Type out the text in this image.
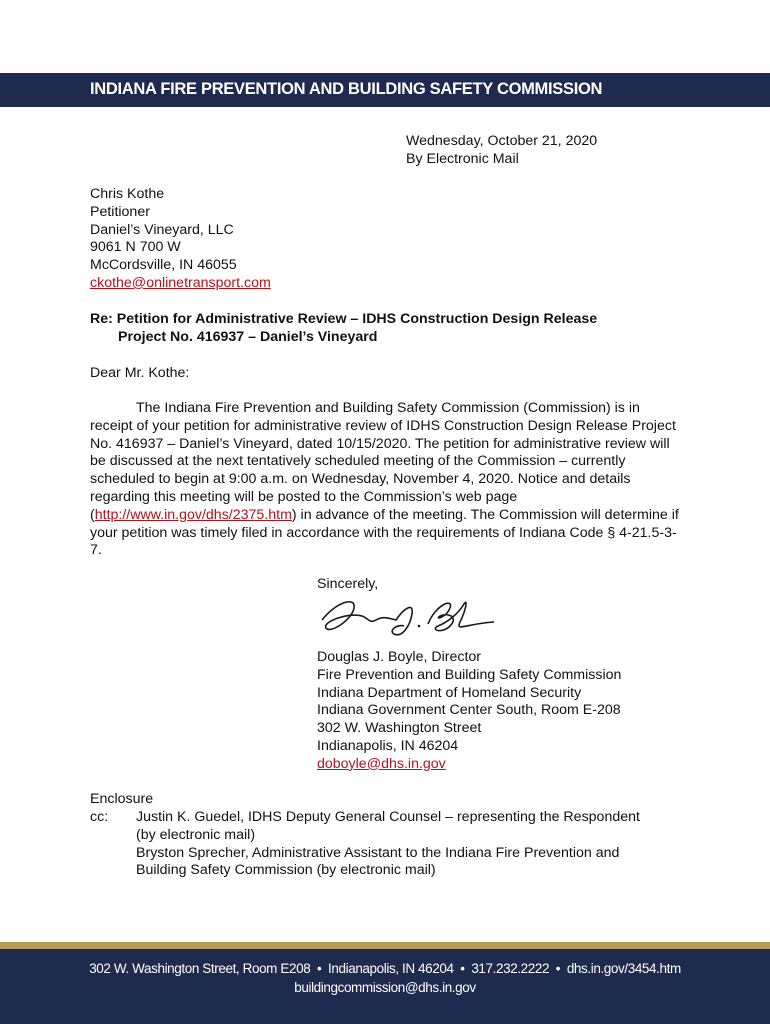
INDIANA FIRE PREVENTION AND BUILDING SAFETY COMMISSION
Wednesday, October 21, 2020
By Electronic Mail
Chris Kothe
Petitioner
Daniel’s Vineyard, LLC
9061 N 700 W
McCordsville, IN 46055
ckothe@onlinetransport.com
Re: Petition for Administrative Review – IDHS Construction Design Release
Project No. 416937 – Daniel’s Vineyard
Dear Mr. Kothe:
The Indiana Fire Prevention and Building Safety Commission (Commission) is in receipt of your petition for administrative review of IDHS Construction Design Release Project No. 416937 – Daniel’s Vineyard, dated 10/15/2020. The petition for administrative review will be discussed at the next tentatively scheduled meeting of the Commission – currently scheduled to begin at 9:00 a.m. on Wednesday, November 4, 2020. Notice and details regarding this meeting will be posted to the Commission’s web page (http://www.in.gov/dhs/2375.htm) in advance of the meeting. The Commission will determine if your petition was timely filed in accordance with the requirements of Indiana Code § 4-21.5-3-7.
Sincerely,
Douglas J. Boyle, Director
Fire Prevention and Building Safety Commission
Indiana Department of Homeland Security
Indiana Government Center South, Room E-208
302 W. Washington Street
Indianapolis, IN 46204
doboyle@dhs.in.gov
Enclosure
cc: Justin K. Guedel, IDHS Deputy General Counsel – representing the Respondent
(by electronic mail)
Bryston Sprecher, Administrative Assistant to the Indiana Fire Prevention and
Building Safety Commission (by electronic mail)
302 W. Washington Street, Room E208  •  Indianapolis, IN 46204  •  317.232.2222  •  dhs.in.gov/3454.htm
buildingcommission@dhs.in.gov
